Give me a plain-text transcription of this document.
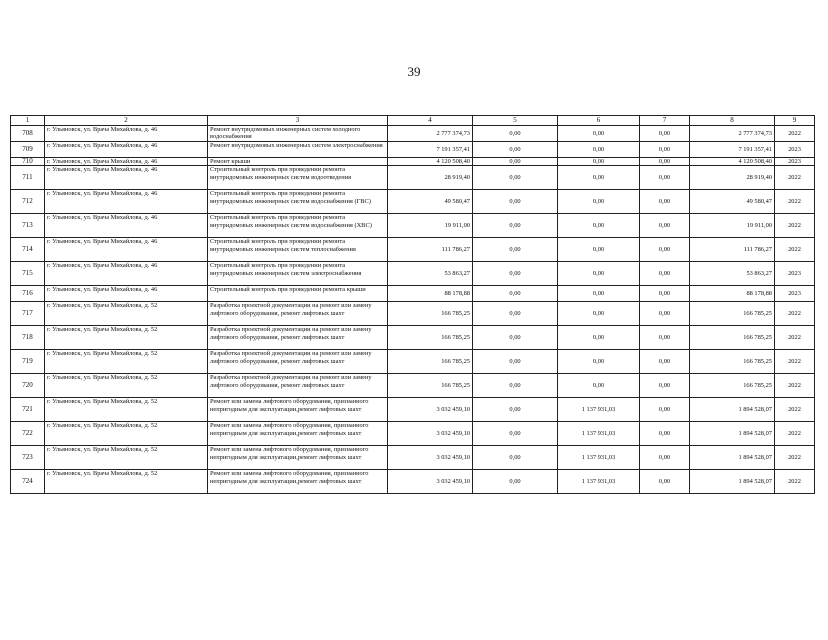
39
1	2	3	4	5	6	7	8	9
708	г. Ульяновск, ул. Врача Михайлова, д. 46	Ремонт внутридомовых инженерных систем холодного водоснабжения	2 777 374,73	0,00	0,00	0,00	2 777 374,73	2022
709	г. Ульяновск, ул. Врача Михайлова, д. 46	Ремонт внутридомовых инженерных систем электроснабжения	7 191 357,41	0,00	0,00	0,00	7 191 357,41	2023
710	г. Ульяновск, ул. Врача Михайлова, д. 46	Ремонт крыши	4 120 508,40	0,00	0,00	0,00	4 120 508,40	2023
711	г. Ульяновск, ул. Врача Михайлова, д. 46	Строительный контроль при проведении ремонта внутридомовых инженерных систем водоотведения	28 919,40	0,00	0,00	0,00	28 919,40	2022
712	г. Ульяновск, ул. Врача Михайлова, д. 46	Строительный контроль при проведении ремонта внутридомовых инженерных систем водоснабжения (ГВС)	49 580,47	0,00	0,00	0,00	49 580,47	2022
713	г. Ульяновск, ул. Врача Михайлова, д. 46	Строительный контроль при проведении ремонта внутридомовых инженерных систем водоснабжения (ХВС)	19 911,00	0,00	0,00	0,00	19 911,00	2022
714	г. Ульяновск, ул. Врача Михайлова, д. 46	Строительный контроль при проведении ремонта внутридомовых инженерных систем теплоснабжения	111 786,27	0,00	0,00	0,00	111 786,27	2022
715	г. Ульяновск, ул. Врача Михайлова, д. 46	Строительный контроль при проведении ремонта внутридомовых инженерных систем электроснабжения	53 863,27	0,00	0,00	0,00	53 863,27	2023
716	г. Ульяновск, ул. Врача Михайлова, д. 46	Строительный контроль при проведении ремонта крыши	88 178,88	0,00	0,00	0,00	88 178,88	2023
717	г. Ульяновск, ул. Врача Михайлова, д. 52	Разработка проектной документации на ремонт или замену лифтового оборудования, ремонт лифтовых шахт	166 785,25	0,00	0,00	0,00	166 785,25	2022
718	г. Ульяновск, ул. Врача Михайлова, д. 52	Разработка проектной документации на ремонт или замену лифтового оборудования, ремонт лифтовых шахт	166 785,25	0,00	0,00	0,00	166 785,25	2022
719	г. Ульяновск, ул. Врача Михайлова, д. 52	Разработка проектной документации на ремонт или замену лифтового оборудования, ремонт лифтовых шахт	166 785,25	0,00	0,00	0,00	166 785,25	2022
720	г. Ульяновск, ул. Врача Михайлова, д. 52	Разработка проектной документации на ремонт или замену лифтового оборудования, ремонт лифтовых шахт	166 785,25	0,00	0,00	0,00	166 785,25	2022
721	г. Ульяновск, ул. Врача Михайлова, д. 52	Ремонт или замена лифтового оборудования, признанного непригодным для эксплуатации,ремонт лифтовых шахт	3 032 459,10	0,00	1 137 931,03	0,00	1 894 528,07	2022
722	г. Ульяновск, ул. Врача Михайлова, д. 52	Ремонт или замена лифтового оборудования, признанного непригодным для эксплуатации,ремонт лифтовых шахт	3 032 459,10	0,00	1 137 931,03	0,00	1 894 528,07	2022
723	г. Ульяновск, ул. Врача Михайлова, д. 52	Ремонт или замена лифтового оборудования, признанного непригодным для эксплуатации,ремонт лифтовых шахт	3 032 459,10	0,00	1 137 931,03	0,00	1 894 528,07	2022
724	г. Ульяновск, ул. Врача Михайлова, д. 52	Ремонт или замена лифтового оборудования, признанного непригодным для эксплуатации,ремонт лифтовых шахт	3 032 459,10	0,00	1 137 931,03	0,00	1 894 528,07	2022
